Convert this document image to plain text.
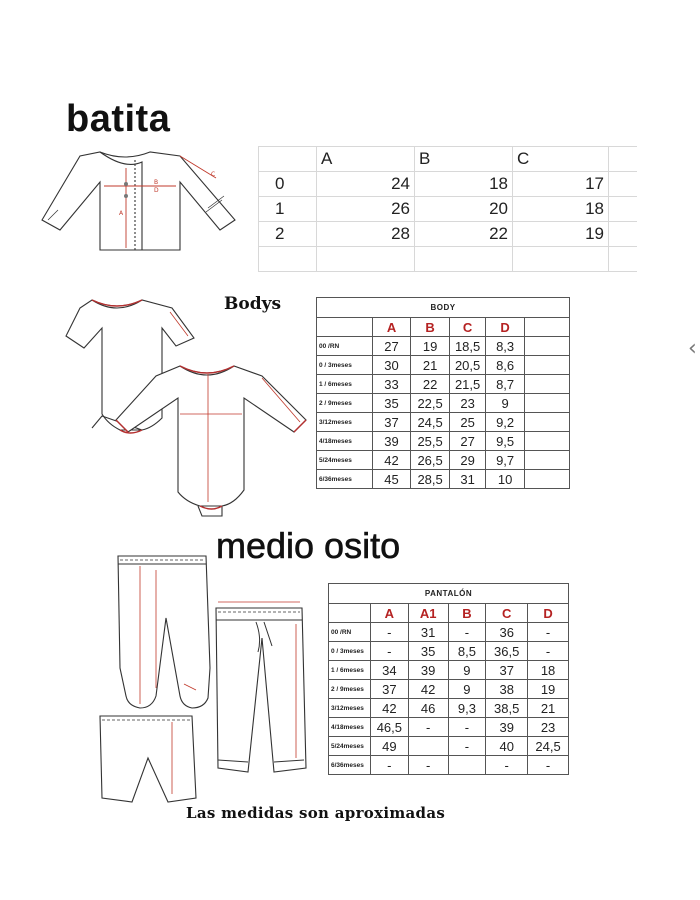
batita
Bodys
medio osito
A
B
C
D
	A	B	C	
0	24	18	17	
1	26	20	18	
2	28	22	19	

BODY					
	A	B	C	D	
00 /RN	27	19	18,5	8,3	
0 / 3meses	30	21	20,5	8,6	
1 / 6meses	33	22	21,5	8,7	
2 / 9meses	35	22,5	23	9	
3/12meses	37	24,5	25	9,2	
4/18meses	39	25,5	27	9,5	
5/24meses	42	26,5	29	9,7	
6/36meses	45	28,5	31	10	
PANTALÓN					
	A	A1	B	C	D
00 /RN	-	31	-	36	-
0 / 3meses	-	35	8,5	36,5	-
1 / 6meses	34	39	9	37	18
2 / 9meses	37	42	9	38	19
3/12meses	42	46	9,3	38,5	21
4/18meses	46,5	-	-	39	23
5/24meses	49		-	40	24,5
6/36meses	-	-		-	-
Las medidas son aproximadas
‹
